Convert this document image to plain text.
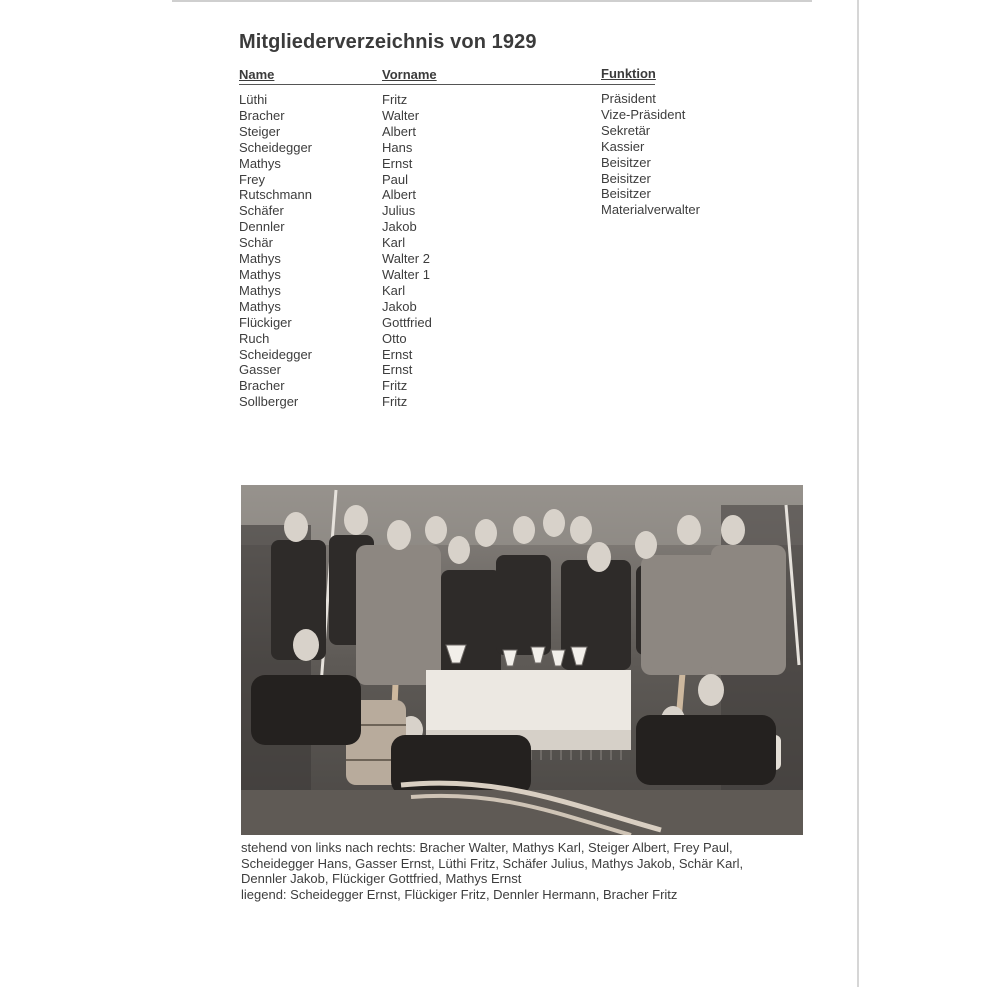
Mitgliederverzeichnis von 1929
Name	Vorname	Funktion
Lüthi
Bracher
Steiger
Scheidegger
Mathys
Frey
Rutschmann
Schäfer
Dennler
Schär
Mathys
Mathys
Mathys
Mathys
Flückiger
Ruch
Scheidegger
Gasser
Bracher
Sollberger
Fritz
Walter
Albert
Hans
Ernst
Paul
Albert
Julius
Jakob
Karl
Walter 2
Walter 1
Karl
Jakob
Gottfried
Otto
Ernst
Ernst
Fritz
Fritz
Präsident
Vize-Präsident
Sekretär
Kassier
Beisitzer
Beisitzer
Beisitzer
Materialverwalter

stehend von links nach rechts: Bracher Walter, Mathys Karl, Steiger Albert, Frey Paul,

Scheidegger Hans, Gasser Ernst, Lüthi Fritz, Schäfer Julius, Mathys Jakob, Schär Karl,

Dennler Jakob, Flückiger Gottfried, Mathys Ernst

liegend: Scheidegger Ernst, Flückiger Fritz, Dennler Hermann, Bracher Fritz
